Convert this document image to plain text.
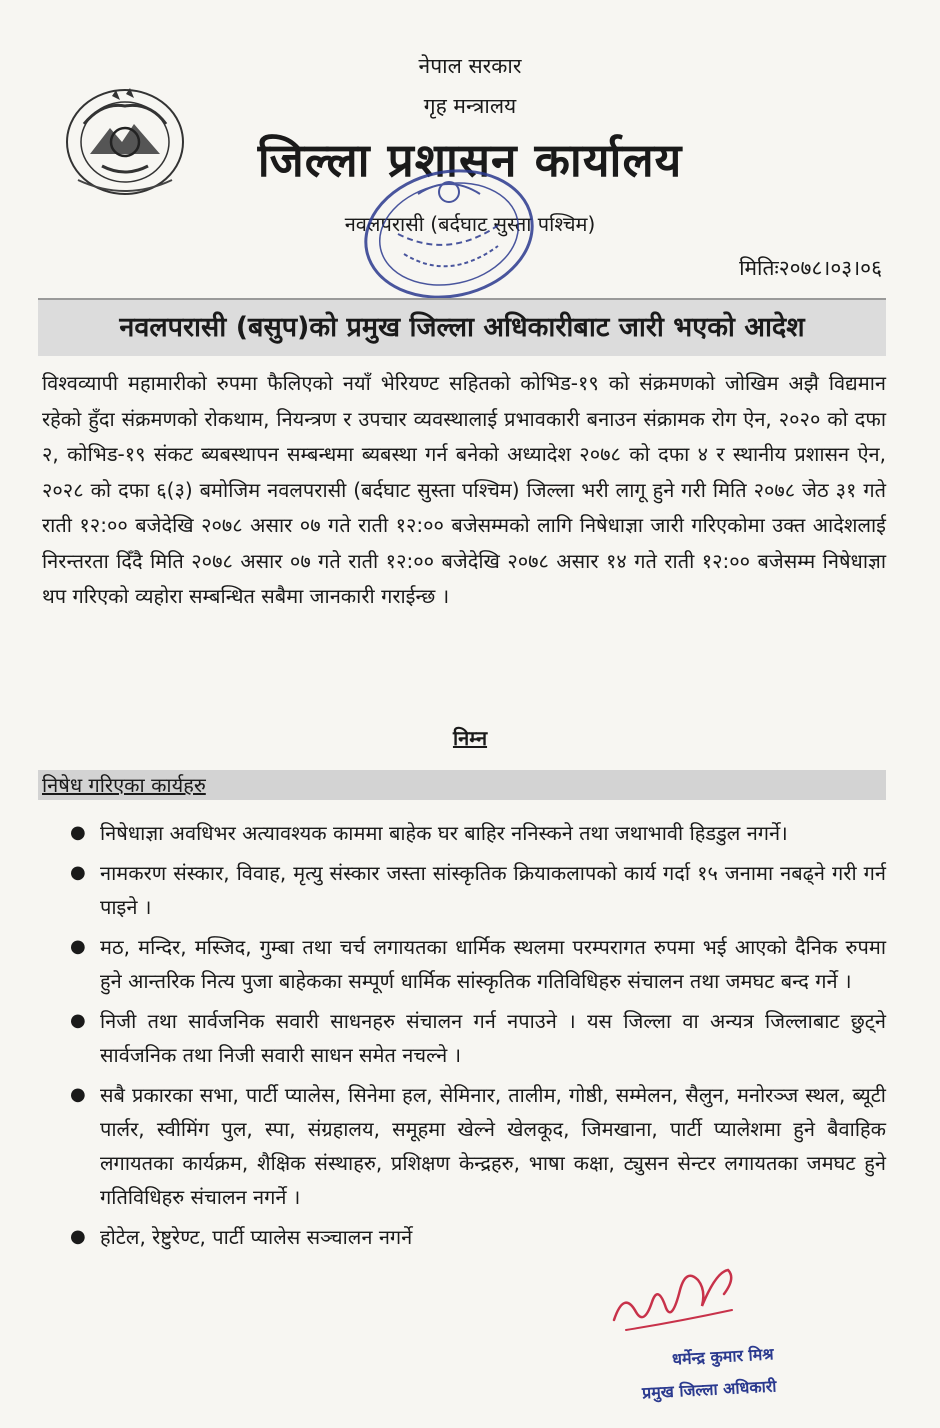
नेपाल सरकार
गृह मन्त्रालय
जिल्ला प्रशासन कार्यालय
नवलपरासी (बर्दघाट सुस्ता पश्चिम)
मितिः२०७८।०३।०६
नवलपरासी (बसुप)को प्रमुख जिल्ला अधिकारीबाट जारी भएको आदेश
विश्वव्यापी महामारीको रुपमा फैलिएको नयाँ भेरियण्ट सहितको कोभिड-१९ को संक्रमणको जोखिम अझै विद्यमान रहेको हुँदा संक्रमणको रोकथाम, नियन्त्रण र उपचार व्यवस्थालाई प्रभावकारी बनाउन संक्रामक रोग ऐन, २०२० को दफा २, कोभिड-१९ संकट ब्यबस्थापन सम्बन्धमा ब्यबस्था गर्न बनेको अध्यादेश २०७८ को दफा ४ र स्थानीय प्रशासन ऐन, २०२८ को दफा ६(३) बमोजिम नवलपरासी (बर्दघाट सुस्ता पश्चिम) जिल्ला भरी लागू हुने गरी मिति २०७८ जेठ ३१ गते राती १२:०० बजेदेखि २०७८ असार ०७ गते राती १२:०० बजेसम्मको लागि निषेधाज्ञा जारी गरिएकोमा उक्त आदेशलाई निरन्तरता दिँदै मिति २०७८ असार ०७ गते राती १२:०० बजेदेखि २०७८ असार १४ गते राती १२:०० बजेसम्म निषेधाज्ञा थप गरिएको व्यहोरा सम्बन्धित सबैमा जानकारी गराईन्छ ।
निम्न
निषेध गरिएका कार्यहरु
● निषेधाज्ञा अवधिभर अत्यावश्यक काममा बाहेक घर बाहिर ननिस्कने तथा जथाभावी हिडडुल नगर्ने।
● नामकरण संस्कार, विवाह, मृत्यु संस्कार जस्ता सांस्कृतिक क्रियाकलापको कार्य गर्दा १५ जनामा नबढ्ने गरी गर्न पाइने ।
● मठ, मन्दिर, मस्जिद, गुम्बा तथा चर्च लगायतका धार्मिक स्थलमा परम्परागत रुपमा भई आएको दैनिक रुपमा हुने आन्तरिक नित्य पुजा बाहेकका सम्पूर्ण धार्मिक सांस्कृतिक गतिविधिहरु संचालन तथा जमघट बन्द गर्ने ।
● निजी तथा सार्वजनिक सवारी साधनहरु संचालन गर्न नपाउने । यस जिल्ला वा अन्यत्र जिल्लाबाट छुट्ने सार्वजनिक तथा निजी सवारी साधन समेत नचल्ने ।
● सबै प्रकारका सभा, पार्टी प्यालेस, सिनेमा हल, सेमिनार, तालीम, गोष्ठी, सम्मेलन, सैलुन, मनोरञ्ज स्थल, ब्यूटी पार्लर, स्वीमिंग पुल, स्पा, संग्रहालय, समूहमा खेल्ने खेलकूद, जिमखाना, पार्टी प्यालेशमा हुने बैवाहिक लगायतका कार्यक्रम, शैक्षिक संस्थाहरु, प्रशिक्षण केन्द्रहरु, भाषा कक्षा, ट्युसन सेन्टर लगायतका जमघट हुने गतिविधिहरु संचालन नगर्ने ।
● होटेल, रेष्टुरेण्ट, पार्टी प्यालेस सञ्चालन नगर्ने
धर्मेन्द्र कुमार मिश्र
प्रमुख जिल्ला अधिकारी
